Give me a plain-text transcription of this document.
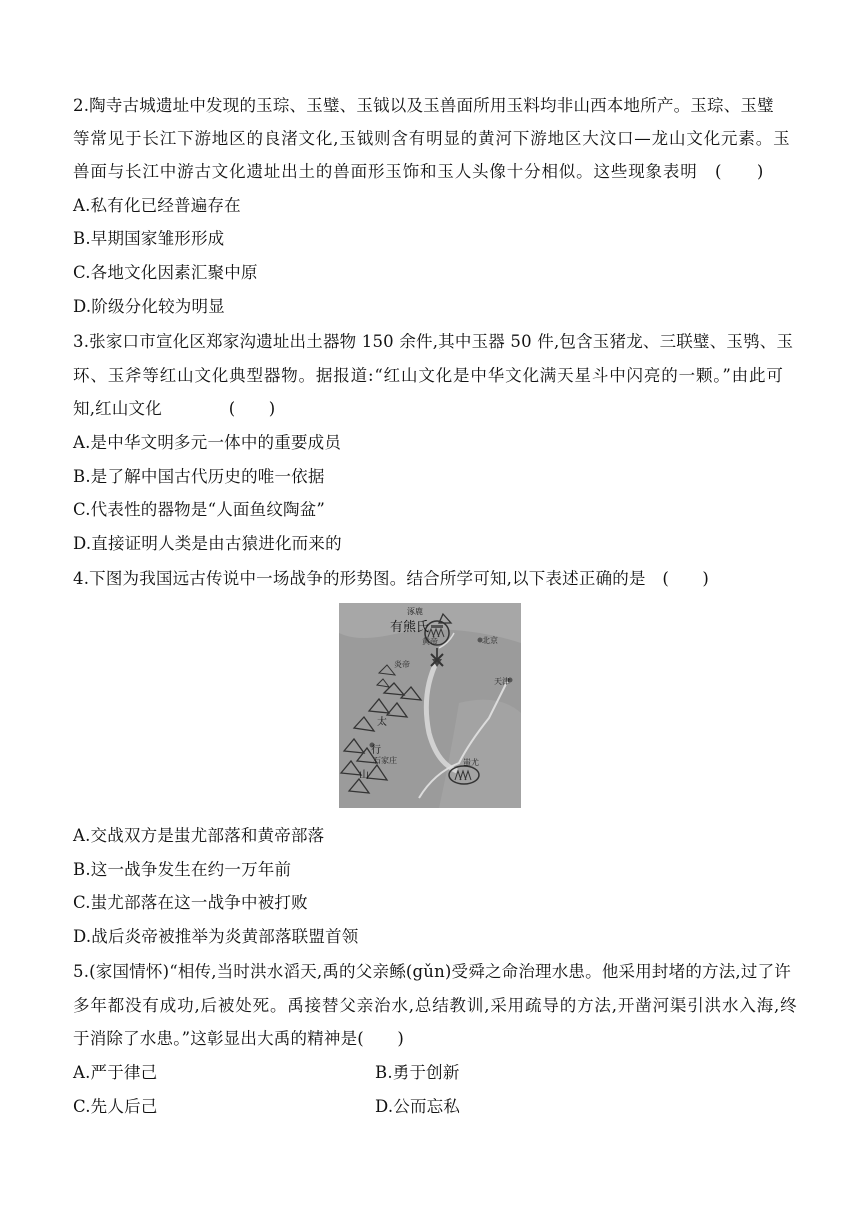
2.陶寺古城遗址中发现的玉琮、玉璧、玉钺以及玉兽面所用玉料均非山西本地所产。玉琮、玉璧
等常见于长江下游地区的良渚文化,玉钺则含有明显的黄河下游地区大汶口—龙山文化元素。玉
兽面与长江中游古文化遗址出土的兽面形玉饰和玉人头像十分相似。这些现象表明　(　　)
A.私有化已经普遍存在
B.早期国家雏形形成
C.各地文化因素汇聚中原
D.阶级分化较为明显
3.张家口市宣化区郑家沟遗址出土器物 150 余件,其中玉器 50 件,包含玉猪龙、三联璧、玉鸮、玉
环、玉斧等红山文化典型器物。据报道:“红山文化是中华文化满天星斗中闪亮的一颗。”由此可
知,红山文化　　　　(　　)
A.是中华文明多元一体中的重要成员
B.是了解中国古代历史的唯一依据
C.代表性的器物是“人面鱼纹陶盆”
D.直接证明人类是由古猿进化而来的
4.下图为我国远古传说中一场战争的形势图。结合所学可知,以下表述正确的是　(　　)
涿鹿
有熊氏
黄帝	北京
炎帝
天津
太
行
山
石家庄	蚩尤
A.交战双方是蚩尤部落和黄帝部落
B.这一战争发生在约一万年前
C.蚩尤部落在这一战争中被打败
D.战后炎帝被推举为炎黄部落联盟首领
5.(家国情怀)“相传,当时洪水滔天,禹的父亲鲧(gǔn)受舜之命治理水患。他采用封堵的方法,过了许
多年都没有成功,后被处死。禹接替父亲治水,总结教训,采用疏导的方法,开凿河渠引洪水入海,终
于消除了水患。”这彰显出大禹的精神是(　　)
A.严于律己	B.勇于创新
C.先人后己	D.公而忘私
